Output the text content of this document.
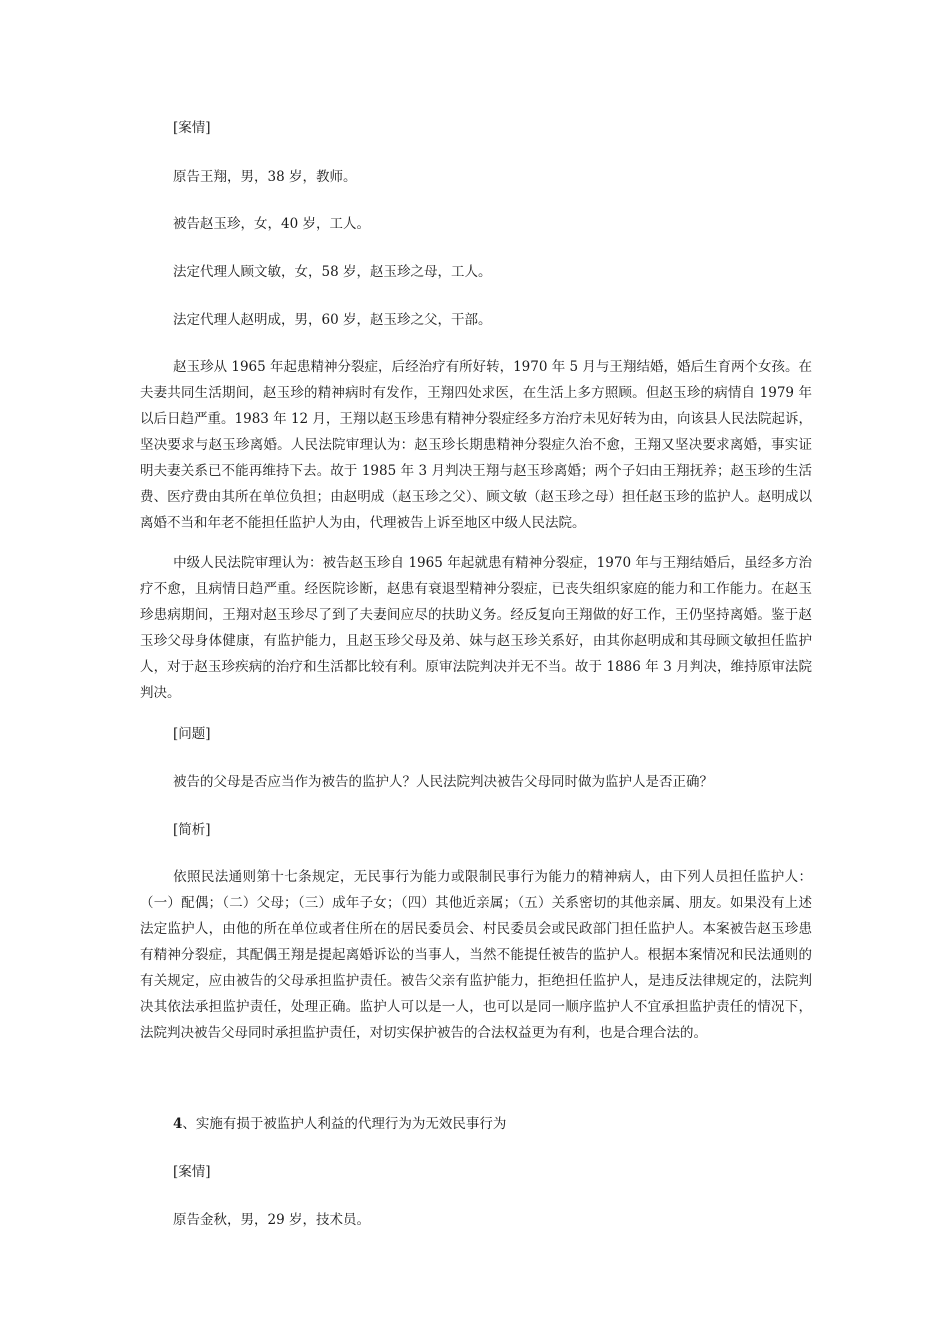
[案情]

原告王翔，男，38 岁，教师。

被告赵玉珍，女，40 岁，工人。

法定代理人顾文敏，女，58 岁，赵玉珍之母，工人。

法定代理人赵明成，男，60 岁，赵玉珍之父，干部。

赵玉珍从 1965 年起患精神分裂症，后经治疗有所好转，1970 年 5 月与王翔结婚，婚后生育两个女孩。在夫妻共同生活期间，赵玉珍的精神病时有发作，王翔四处求医，在生活上多方照顾。但赵玉珍的病情自 1979 年以后日趋严重。1983 年 12 月，王翔以赵玉珍患有精神分裂症经多方治疗未见好转为由，向该县人民法院起诉，坚决要求与赵玉珍离婚。人民法院审理认为：赵玉珍长期患精神分裂症久治不愈，王翔又坚决要求离婚，事实证明夫妻关系已不能再维持下去。故于 1985 年 3 月判决王翔与赵玉珍离婚；两个子妇由王翔抚养；赵玉珍的生活费、医疗费由其所在单位负担；由赵明成（赵玉珍之父）、顾文敏（赵玉珍之母）担任赵玉珍的监护人。赵明成以离婚不当和年老不能担任监护人为由，代理被告上诉至地区中级人民法院。

中级人民法院审理认为：被告赵玉珍自 1965 年起就患有精神分裂症，1970 年与王翔结婚后，虽经多方治疗不愈，且病情日趋严重。经医院诊断，赵患有衰退型精神分裂症，已丧失组织家庭的能力和工作能力。在赵玉珍患病期间，王翔对赵玉珍尽了到了夫妻间应尽的扶助义务。经反复向王翔做的好工作，王仍坚持离婚。鉴于赵玉珍父母身体健康，有监护能力，且赵玉珍父母及弟、妹与赵玉珍关系好，由其你赵明成和其母顾文敏担任监护人，对于赵玉珍疾病的治疗和生活都比较有利。原审法院判决并无不当。故于 1886 年 3 月判决，维持原审法院判决。

[问题]

被告的父母是否应当作为被告的监护人？人民法院判决被告父母同时做为监护人是否正确？

[简析]

依照民法通则第十七条规定，无民事行为能力或限制民事行为能力的精神病人，由下列人员担任监护人：（一）配偶；（二）父母；（三）成年子女；（四）其他近亲属；（五）关系密切的其他亲属、朋友。如果没有上述法定监护人，由他的所在单位或者住所在的居民委员会、村民委员会或民政部门担任监护人。本案被告赵玉珍患有精神分裂症，其配偶王翔是提起离婚诉讼的当事人，当然不能提任被告的监护人。根据本案情况和民法通则的有关规定，应由被告的父母承担监护责任。被告父亲有监护能力，拒绝担任监护人，是违反法律规定的，法院判决其依法承担监护责任，处理正确。监护人可以是一人，也可以是同一顺序监护人不宜承担监护责任的情况下，法院判决被告父母同时承担监护责任，对切实保护被告的合法权益更为有利，也是合理合法的。

4、实施有损于被监护人利益的代理行为为无效民事行为

[案情]

原告金秋，男，29 岁，技术员。
